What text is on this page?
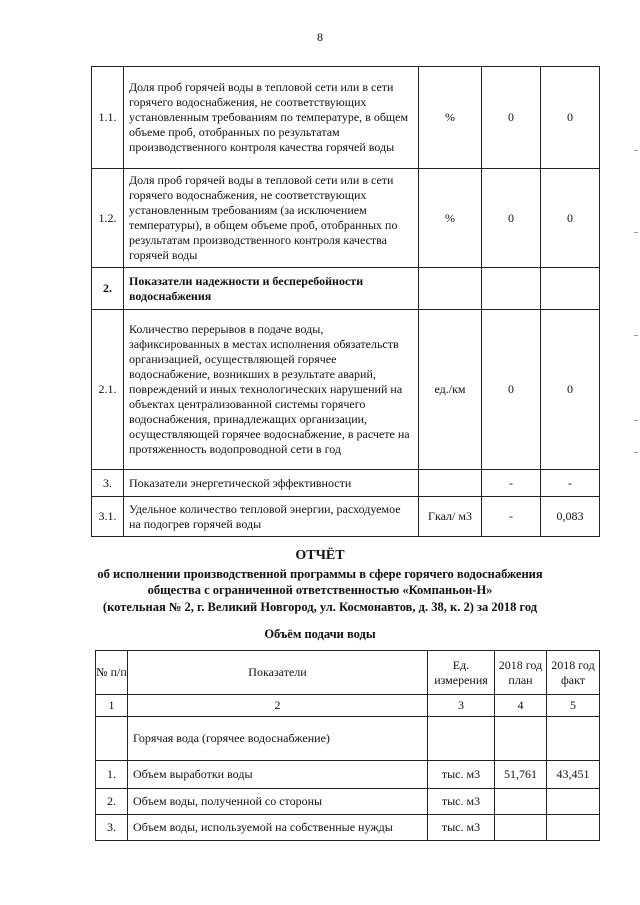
8
1.1.	Доля проб горячей воды в тепловой сети или в сети горячего водоснабжения, не соответствующих установленным требованиям по температуре, в общем объеме проб, отобранных по результатам производственного контроля качества горячей воды	%	0	0
1.2.	Доля проб горячей воды в тепловой сети или в сети горячего водоснабжения, не соответствующих установленным требованиям (за исключением температуры), в общем объеме проб, отобранных по результатам производственного контроля качества горячей воды	%	0	0
2.	Показатели надежности и бесперебойности водоснабжения			
2.1.	Количество перерывов в подаче воды, зафиксированных в местах исполнения обязательств организацией, осуществляющей горячее водоснабжение, возникших в результате аварий, повреждений и иных технологических нарушений на объектах централизованной системы горячего водоснабжения, принадлежащих организации, осуществляющей горячее водоснабжение, в расчете на протяженность водопроводной сети в год	ед./км	0	0
3.	Показатели энергетической эффективности		-	-
3.1.	Удельное количество тепловой энергии, расходуемое на подогрев горячей воды	Гкал/ м3	-	0,083
ОТЧЁТ
об исполнении производственной программы в сфере горячего водоснабжения
общества с ограниченной ответственностью «Компаньон-Н»
(котельная № 2, г. Великий Новгород, ул. Космонавтов, д. 38, к. 2) за 2018 год
Объём подачи воды
№ п/п	Показатели	Ед. измерения	2018 год план	2018 год факт
1	2	3	4	5
	Горячая вода (горячее водоснабжение)			
1.	Объем выработки воды	тыс. м3	51,761	43,451
2.	Объем воды, полученной со стороны	тыс. м3		
3.	Объем воды, используемой на собственные нужды	тыс. м3		
